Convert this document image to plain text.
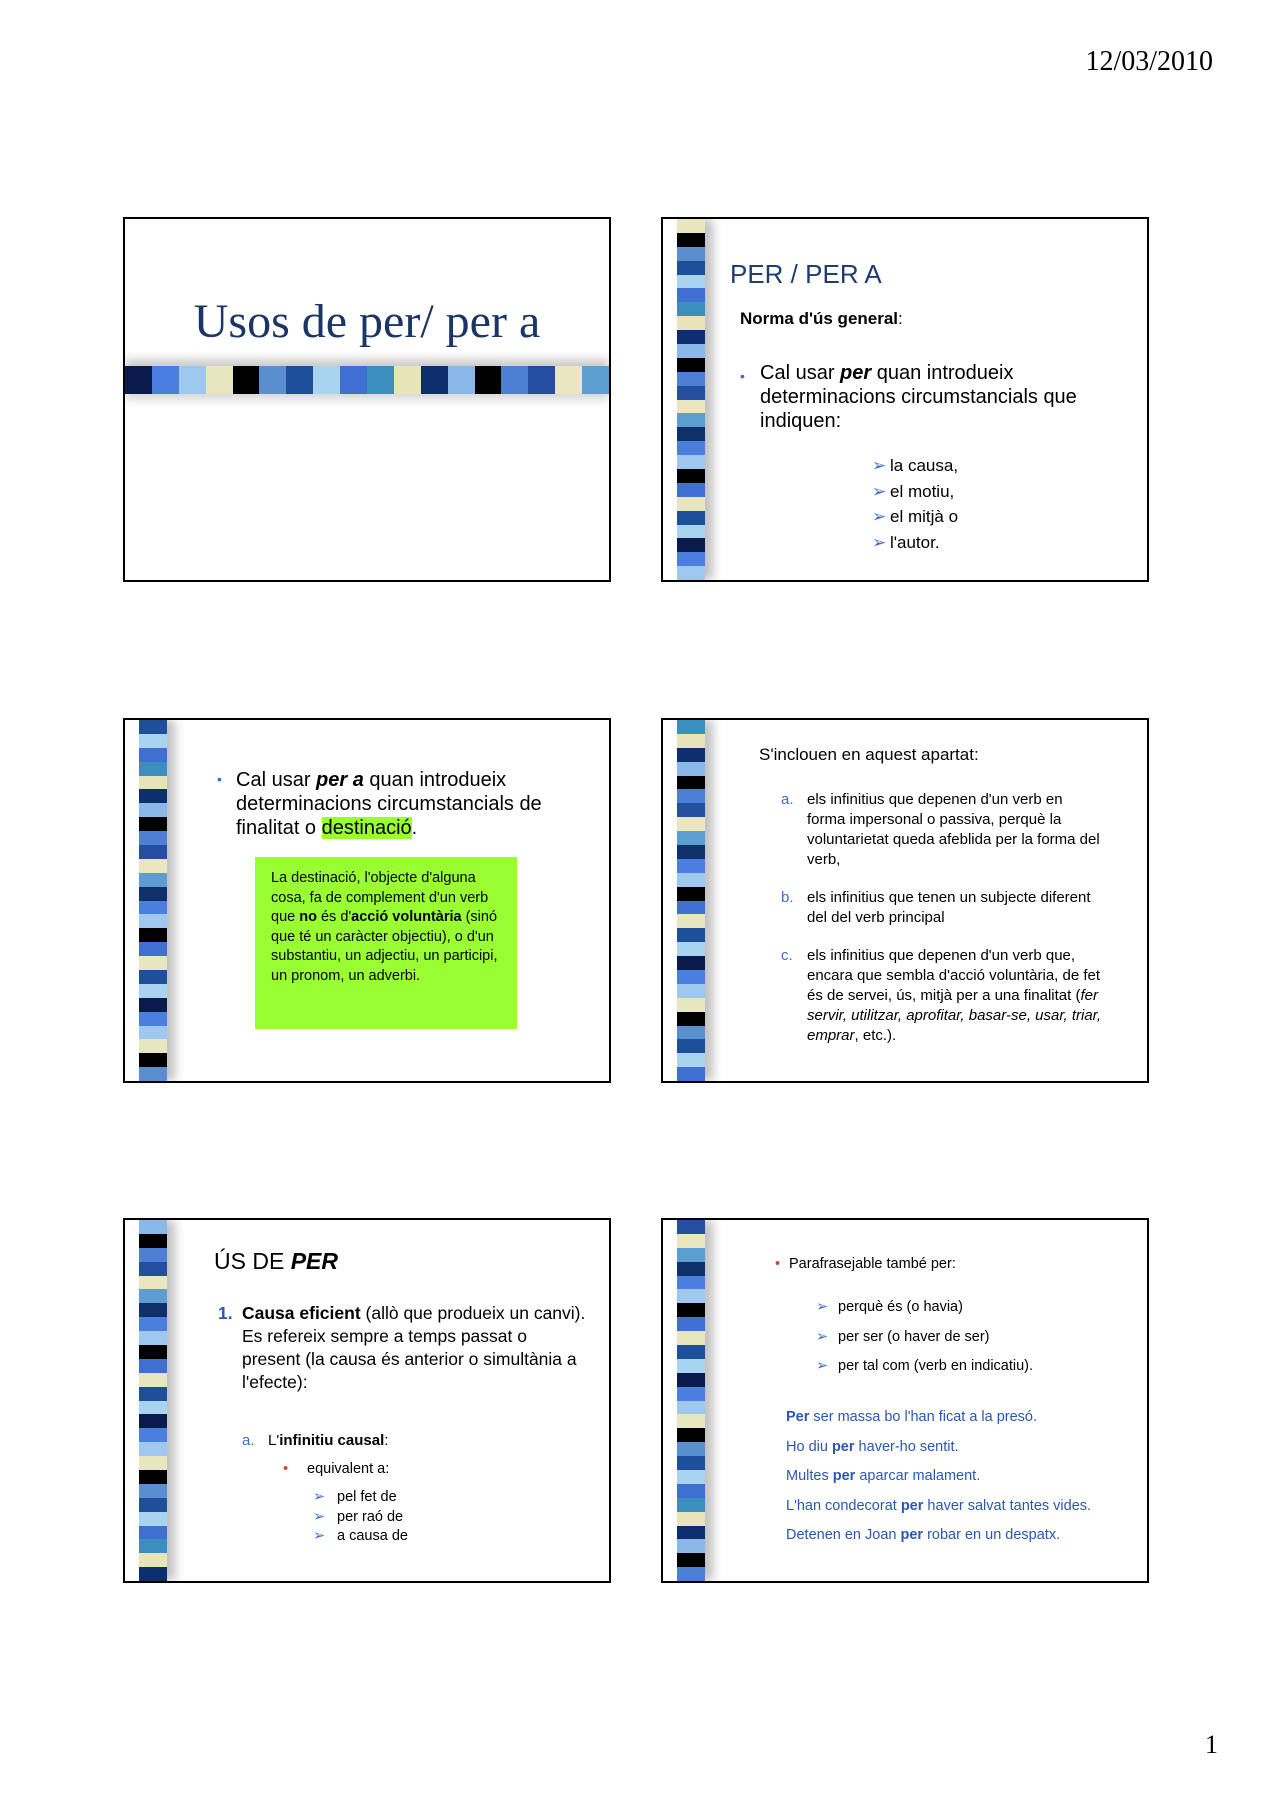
12/03/2010
Usos de per/ per a
PER / PER A
Norma d'ús general:
• Cal usar per quan introdueix determinacions circumstancials que indiquen:
➢ la causa,
➢ el motiu,
➢ el mitjà o
➢ l'autor.
• Cal usar per a quan introdueix determinacions circumstancials de finalitat o destinació.
La destinació, l'objecte d'alguna cosa, fa de complement d'un verb que no és d'acció voluntària (sinó que té un caràcter objectiu), o d'un substantiu, un adjectiu, un participi, un pronom, un adverbi.
S'inclouen en aquest apartat:
a. els infinitius que depenen d'un verb en forma impersonal o passiva, perquè la voluntarietat queda afeblida per la forma del verb,
b. els infinitius que tenen un subjecte diferent del del verb principal
c. els infinitius que depenen d'un verb que, encara que sembla d'acció voluntària, de fet és de servei, ús, mitjà per a una finalitat (fer servir, utilitzar, aprofitar, basar-se, usar, triar, emprar, etc.).
ÚS DE PER
1. Causa eficient (allò que produeix un canvi).
Es refereix sempre a temps passat o present (la causa és anterior o simultània a l'efecte):
a. L'infinitiu causal:
• equivalent a:
➢ pel fet de
➢ per raó de
➢ a causa de
• Parafrasejable també per:
➢ perquè és (o havia)
➢ per ser (o haver de ser)
➢ per tal com (verb en indicatiu).
Per ser massa bo l'han ficat a la presó.
Ho diu per haver-ho sentit.
Multes per aparcar malament.
L'han condecorat per haver salvat tantes vides.
Detenen en Joan per robar en un despatx.
1
